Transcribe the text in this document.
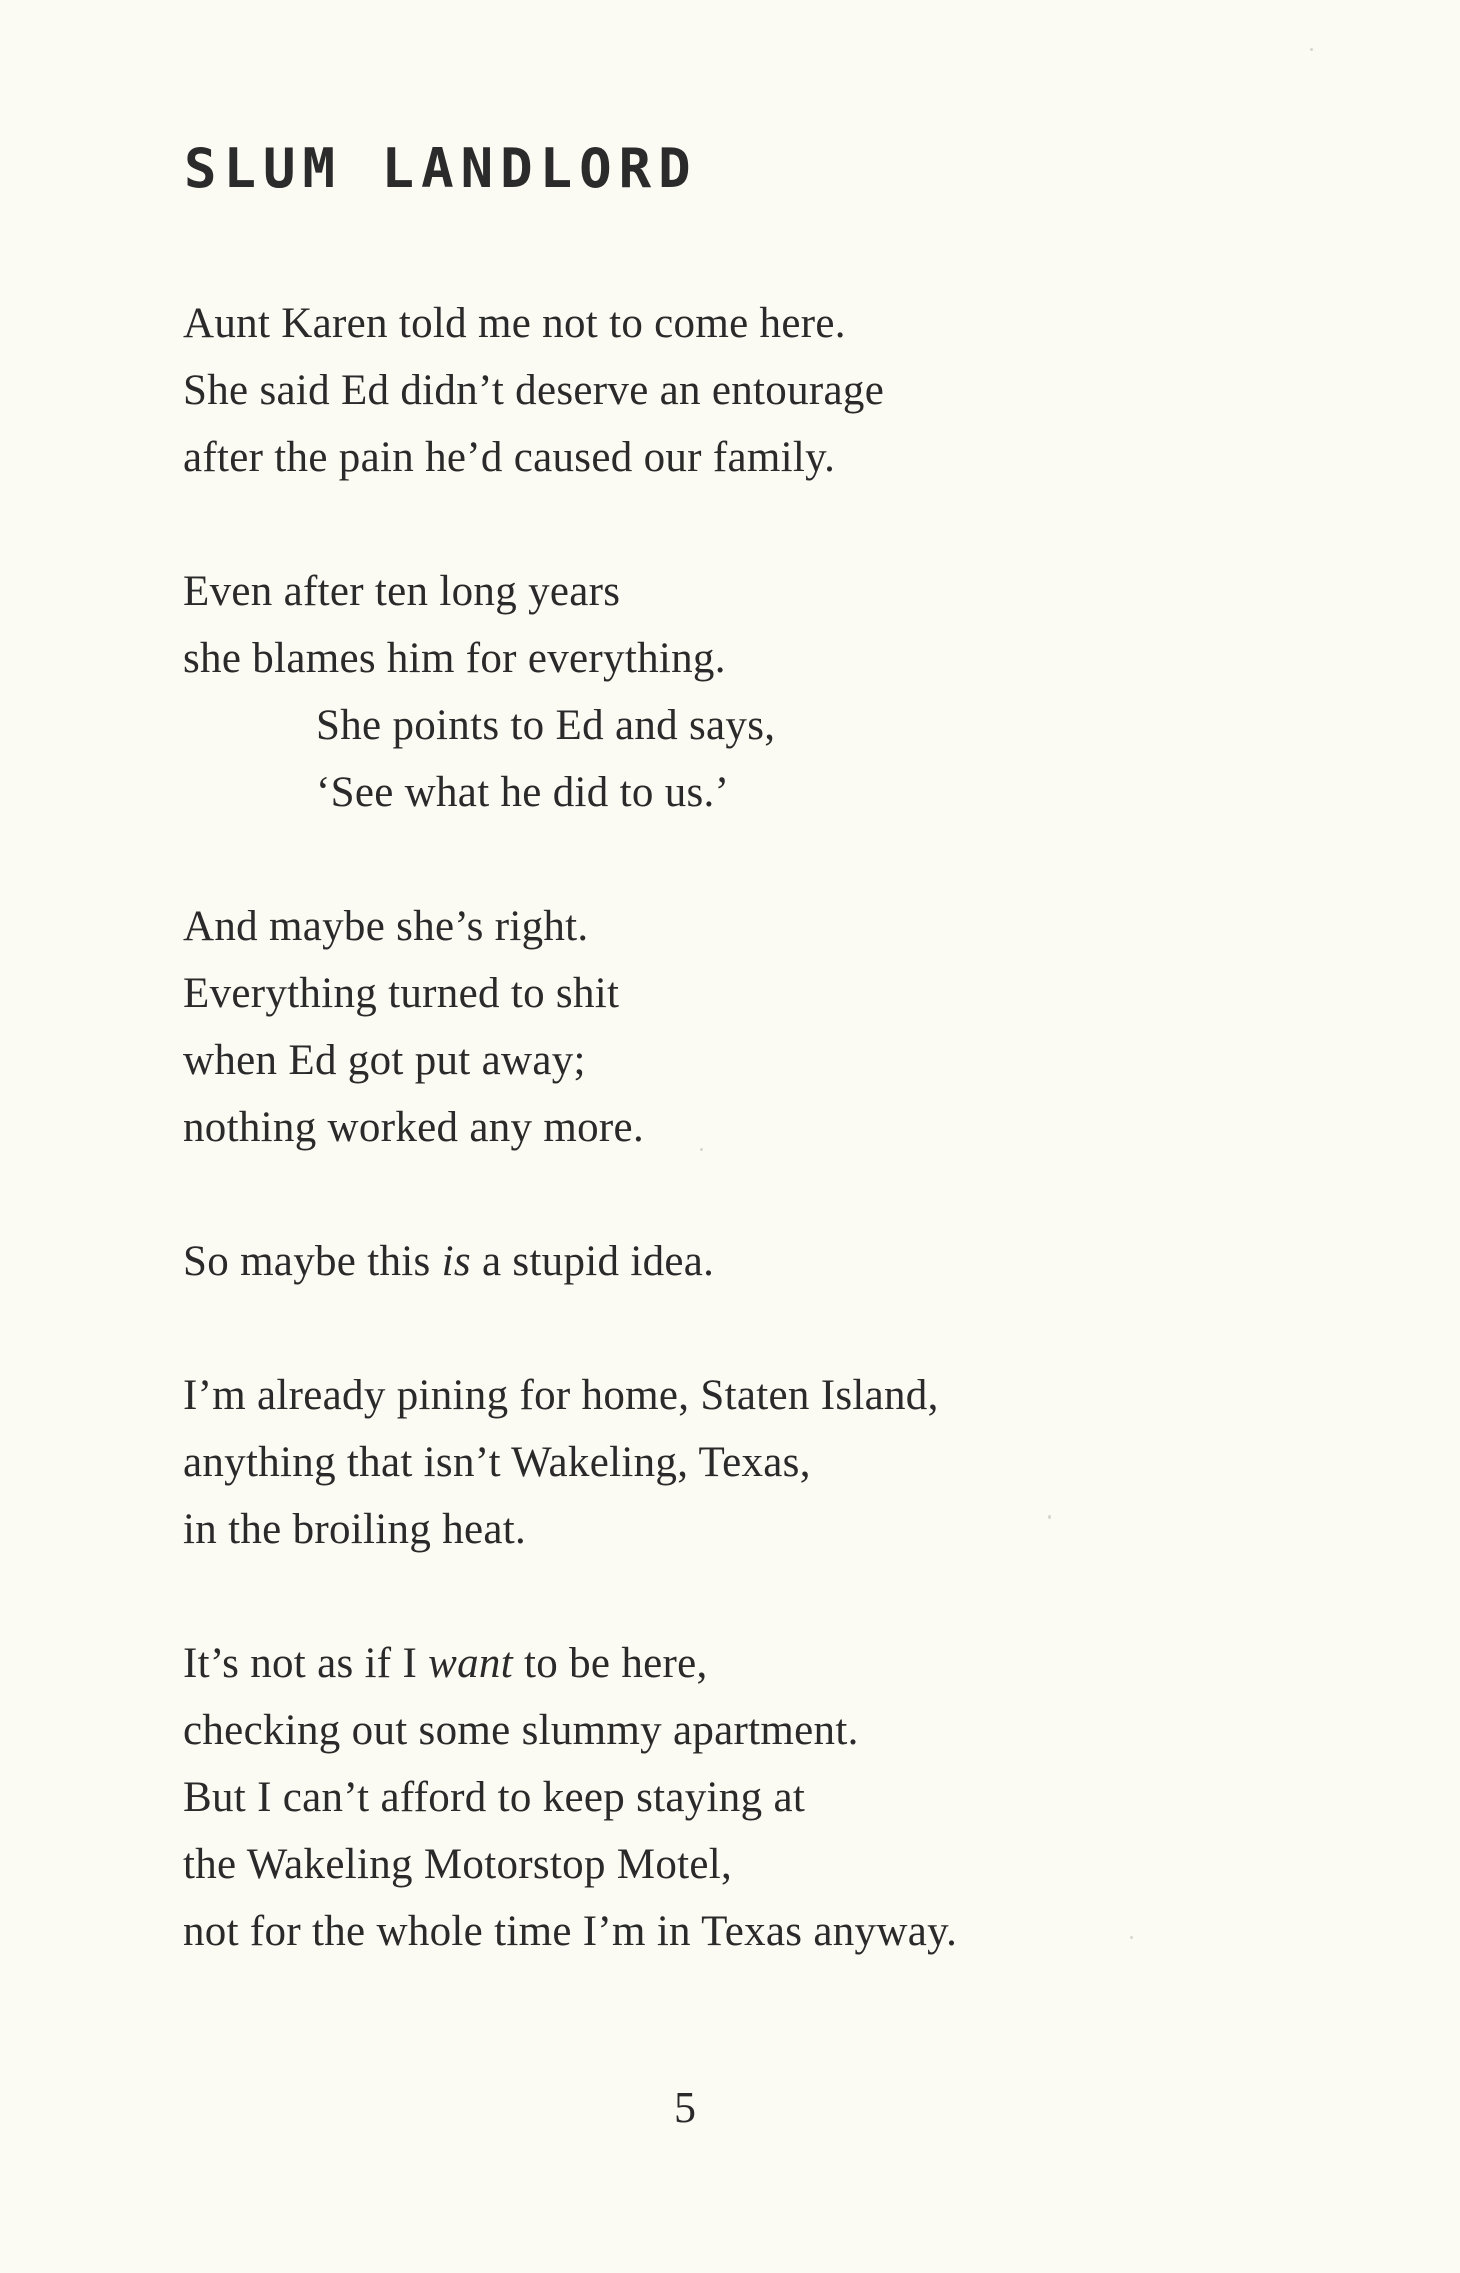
SLUM LANDLORD

Aunt Karen told me not to come here.
She said Ed didn’t deserve an entourage
after the pain he’d caused our family.

Even after ten long years
she blames him for everything.
She points to Ed and says,
‘See what he did to us.’

And maybe she’s right.
Everything turned to shit
when Ed got put away;
nothing worked any more.

So maybe this is a stupid idea.

I’m already pining for home, Staten Island,
anything that isn’t Wakeling, Texas,
in the broiling heat.

It’s not as if I want to be here,
checking out some slummy apartment.
But I can’t afford to keep staying at
the Wakeling Motorstop Motel,
not for the whole time I’m in Texas anyway.

5
